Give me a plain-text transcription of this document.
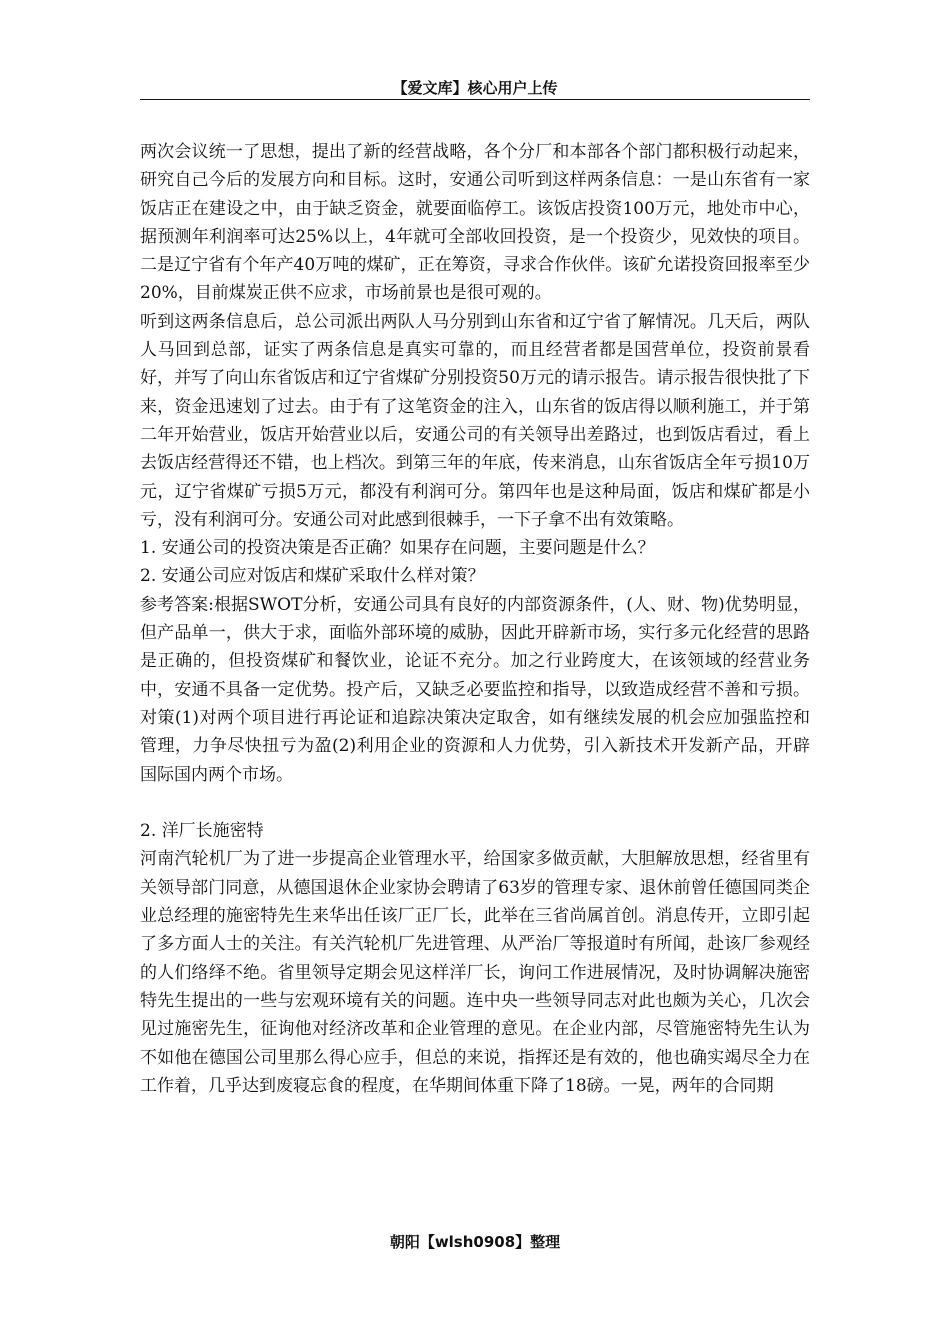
【爱文库】核心用户上传

两次会议统一了思想，提出了新的经营战略，各个分厂和本部各个部门都积极行动起来，研究自己今后的发展方向和目标。这时，安通公司听到这样两条信息：一是山东省有一家饭店正在建设之中，由于缺乏资金，就要面临停工。该饭店投资100万元，地处市中心，据预测年利润率可达25%以上，4年就可全部收回投资，是一个投资少，见效快的项目。二是辽宁省有个年产40万吨的煤矿，正在筹资，寻求合作伙伴。该矿允诺投资回报率至少20%，目前煤炭正供不应求，市场前景也是很可观的。

听到这两条信息后，总公司派出两队人马分别到山东省和辽宁省了解情况。几天后，两队人马回到总部，证实了两条信息是真实可靠的，而且经营者都是国营单位，投资前景看好，并写了向山东省饭店和辽宁省煤矿分别投资50万元的请示报告。请示报告很快批了下来，资金迅速划了过去。由于有了这笔资金的注入，山东省的饭店得以顺利施工，并于第二年开始营业，饭店开始营业以后，安通公司的有关领导出差路过，也到饭店看过，看上去饭店经营得还不错，也上档次。到第三年的年底，传来消息，山东省饭店全年亏损10万元，辽宁省煤矿亏损5万元，都没有利润可分。第四年也是这种局面，饭店和煤矿都是小亏，没有利润可分。安通公司对此感到很棘手，一下子拿不出有效策略。

1. 安通公司的投资决策是否正确？如果存在问题，主要问题是什么？

2. 安通公司应对饭店和煤矿采取什么样对策？

参考答案:根据SWOT分析，安通公司具有良好的内部资源条件，(人、财、物)优势明显，但产品单一，供大于求，面临外部环境的威胁，因此开辟新市场，实行多元化经营的思路是正确的，但投资煤矿和餐饮业，论证不充分。加之行业跨度大，在该领域的经营业务中，安通不具备一定优势。投产后，又缺乏必要监控和指导，以致造成经营不善和亏损。对策(1)对两个项目进行再论证和追踪决策决定取舍，如有继续发展的机会应加强监控和管理，力争尽快扭亏为盈(2)利用企业的资源和人力优势，引入新技术开发新产品，开辟国际国内两个市场。

2. 洋厂长施密特

河南汽轮机厂为了进一步提高企业管理水平，给国家多做贡献，大胆解放思想，经省里有关领导部门同意，从德国退休企业家协会聘请了63岁的管理专家、退休前曾任德国同类企业总经理的施密特先生来华出任该厂正厂长，此举在三省尚属首创。消息传开，立即引起了多方面人士的关注。有关汽轮机厂先进管理、从严治厂等报道时有所闻，赴该厂参观经的人们络绎不绝。省里领导定期会见这样洋厂长，询问工作进展情况，及时协调解决施密特先生提出的一些与宏观环境有关的问题。连中央一些领导同志对此也颇为关心，几次会见过施密先生，征询他对经济改革和企业管理的意见。在企业内部，尽管施密特先生认为不如他在德国公司里那么得心应手，但总的来说，指挥还是有效的，他也确实竭尽全力在工作着，几乎达到废寝忘食的程度，在华期间体重下降了18磅。一晃，两年的合同期

朝阳【wlsh0908】整理
